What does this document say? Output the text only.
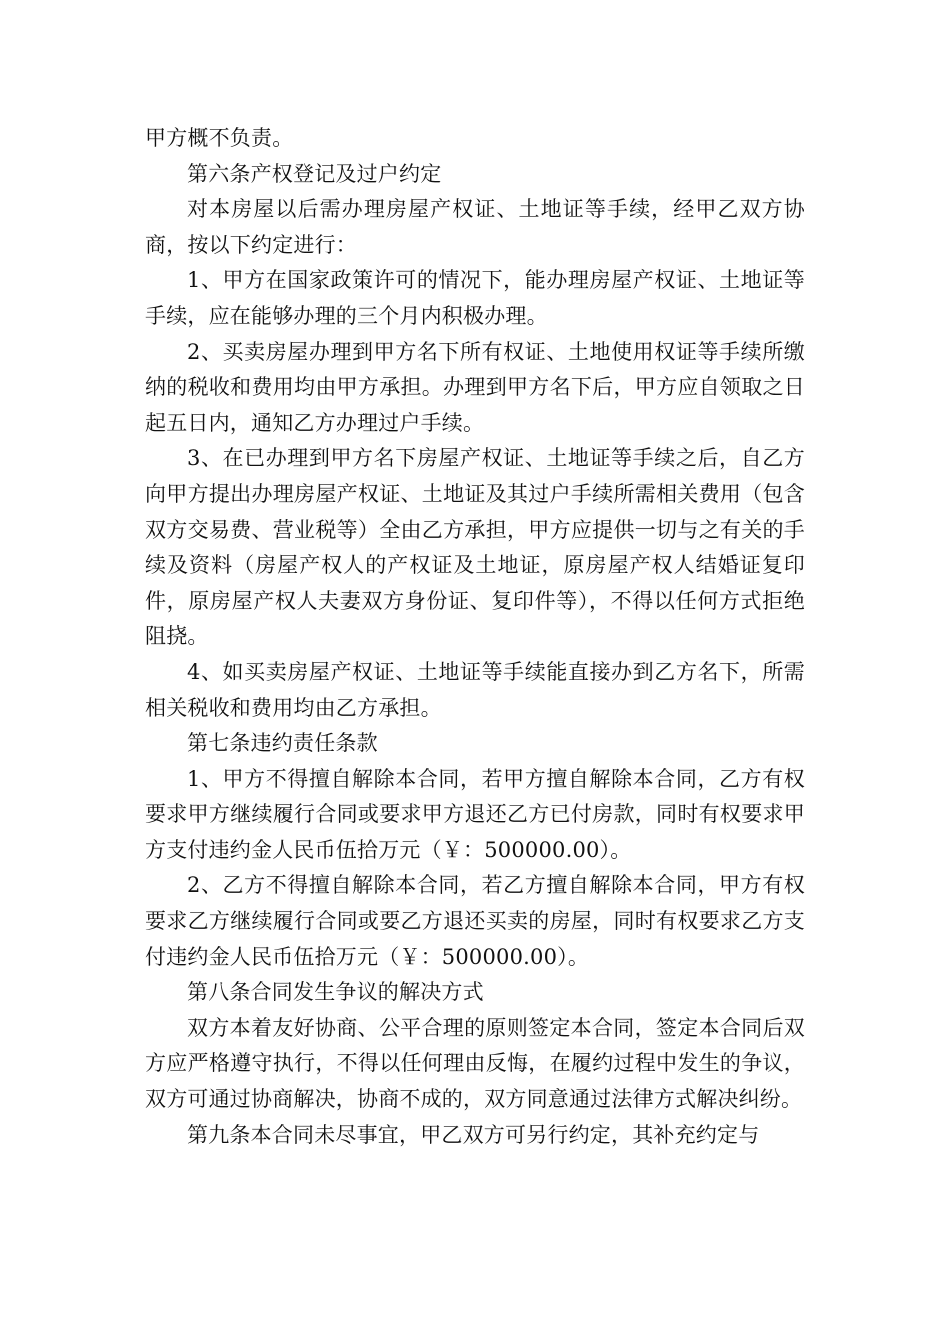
甲方概不负责。

第六条产权登记及过户约定

对本房屋以后需办理房屋产权证、土地证等手续，经甲乙双方协商，按以下约定进行：

1、甲方在国家政策许可的情况下，能办理房屋产权证、土地证等手续，应在能够办理的三个月内积极办理。

2、买卖房屋办理到甲方名下所有权证、土地使用权证等手续所缴纳的税收和费用均由甲方承担。办理到甲方名下后，甲方应自领取之日起五日内，通知乙方办理过户手续。

3、在已办理到甲方名下房屋产权证、土地证等手续之后，自乙方向甲方提出办理房屋产权证、土地证及其过户手续所需相关费用（包含双方交易费、营业税等）全由乙方承担，甲方应提供一切与之有关的手续及资料（房屋产权人的产权证及土地证，原房屋产权人结婚证复印件，原房屋产权人夫妻双方身份证、复印件等），不得以任何方式拒绝阻挠。

4、如买卖房屋产权证、土地证等手续能直接办到乙方名下，所需相关税收和费用均由乙方承担。

第七条违约责任条款

1、甲方不得擅自解除本合同，若甲方擅自解除本合同，乙方有权要求甲方继续履行合同或要求甲方退还乙方已付房款，同时有权要求甲方支付违约金人民币伍拾万元（￥：500000.00）。

2、乙方不得擅自解除本合同，若乙方擅自解除本合同，甲方有权要求乙方继续履行合同或要乙方退还买卖的房屋，同时有权要求乙方支付违约金人民币伍拾万元（￥：500000.00）。

第八条合同发生争议的解决方式

双方本着友好协商、公平合理的原则签定本合同，签定本合同后双方应严格遵守执行，不得以任何理由反悔，在履约过程中发生的争议，双方可通过协商解决，协商不成的，双方同意通过法律方式解决纠纷。

第九条本合同未尽事宜，甲乙双方可另行约定，其补充约定与
